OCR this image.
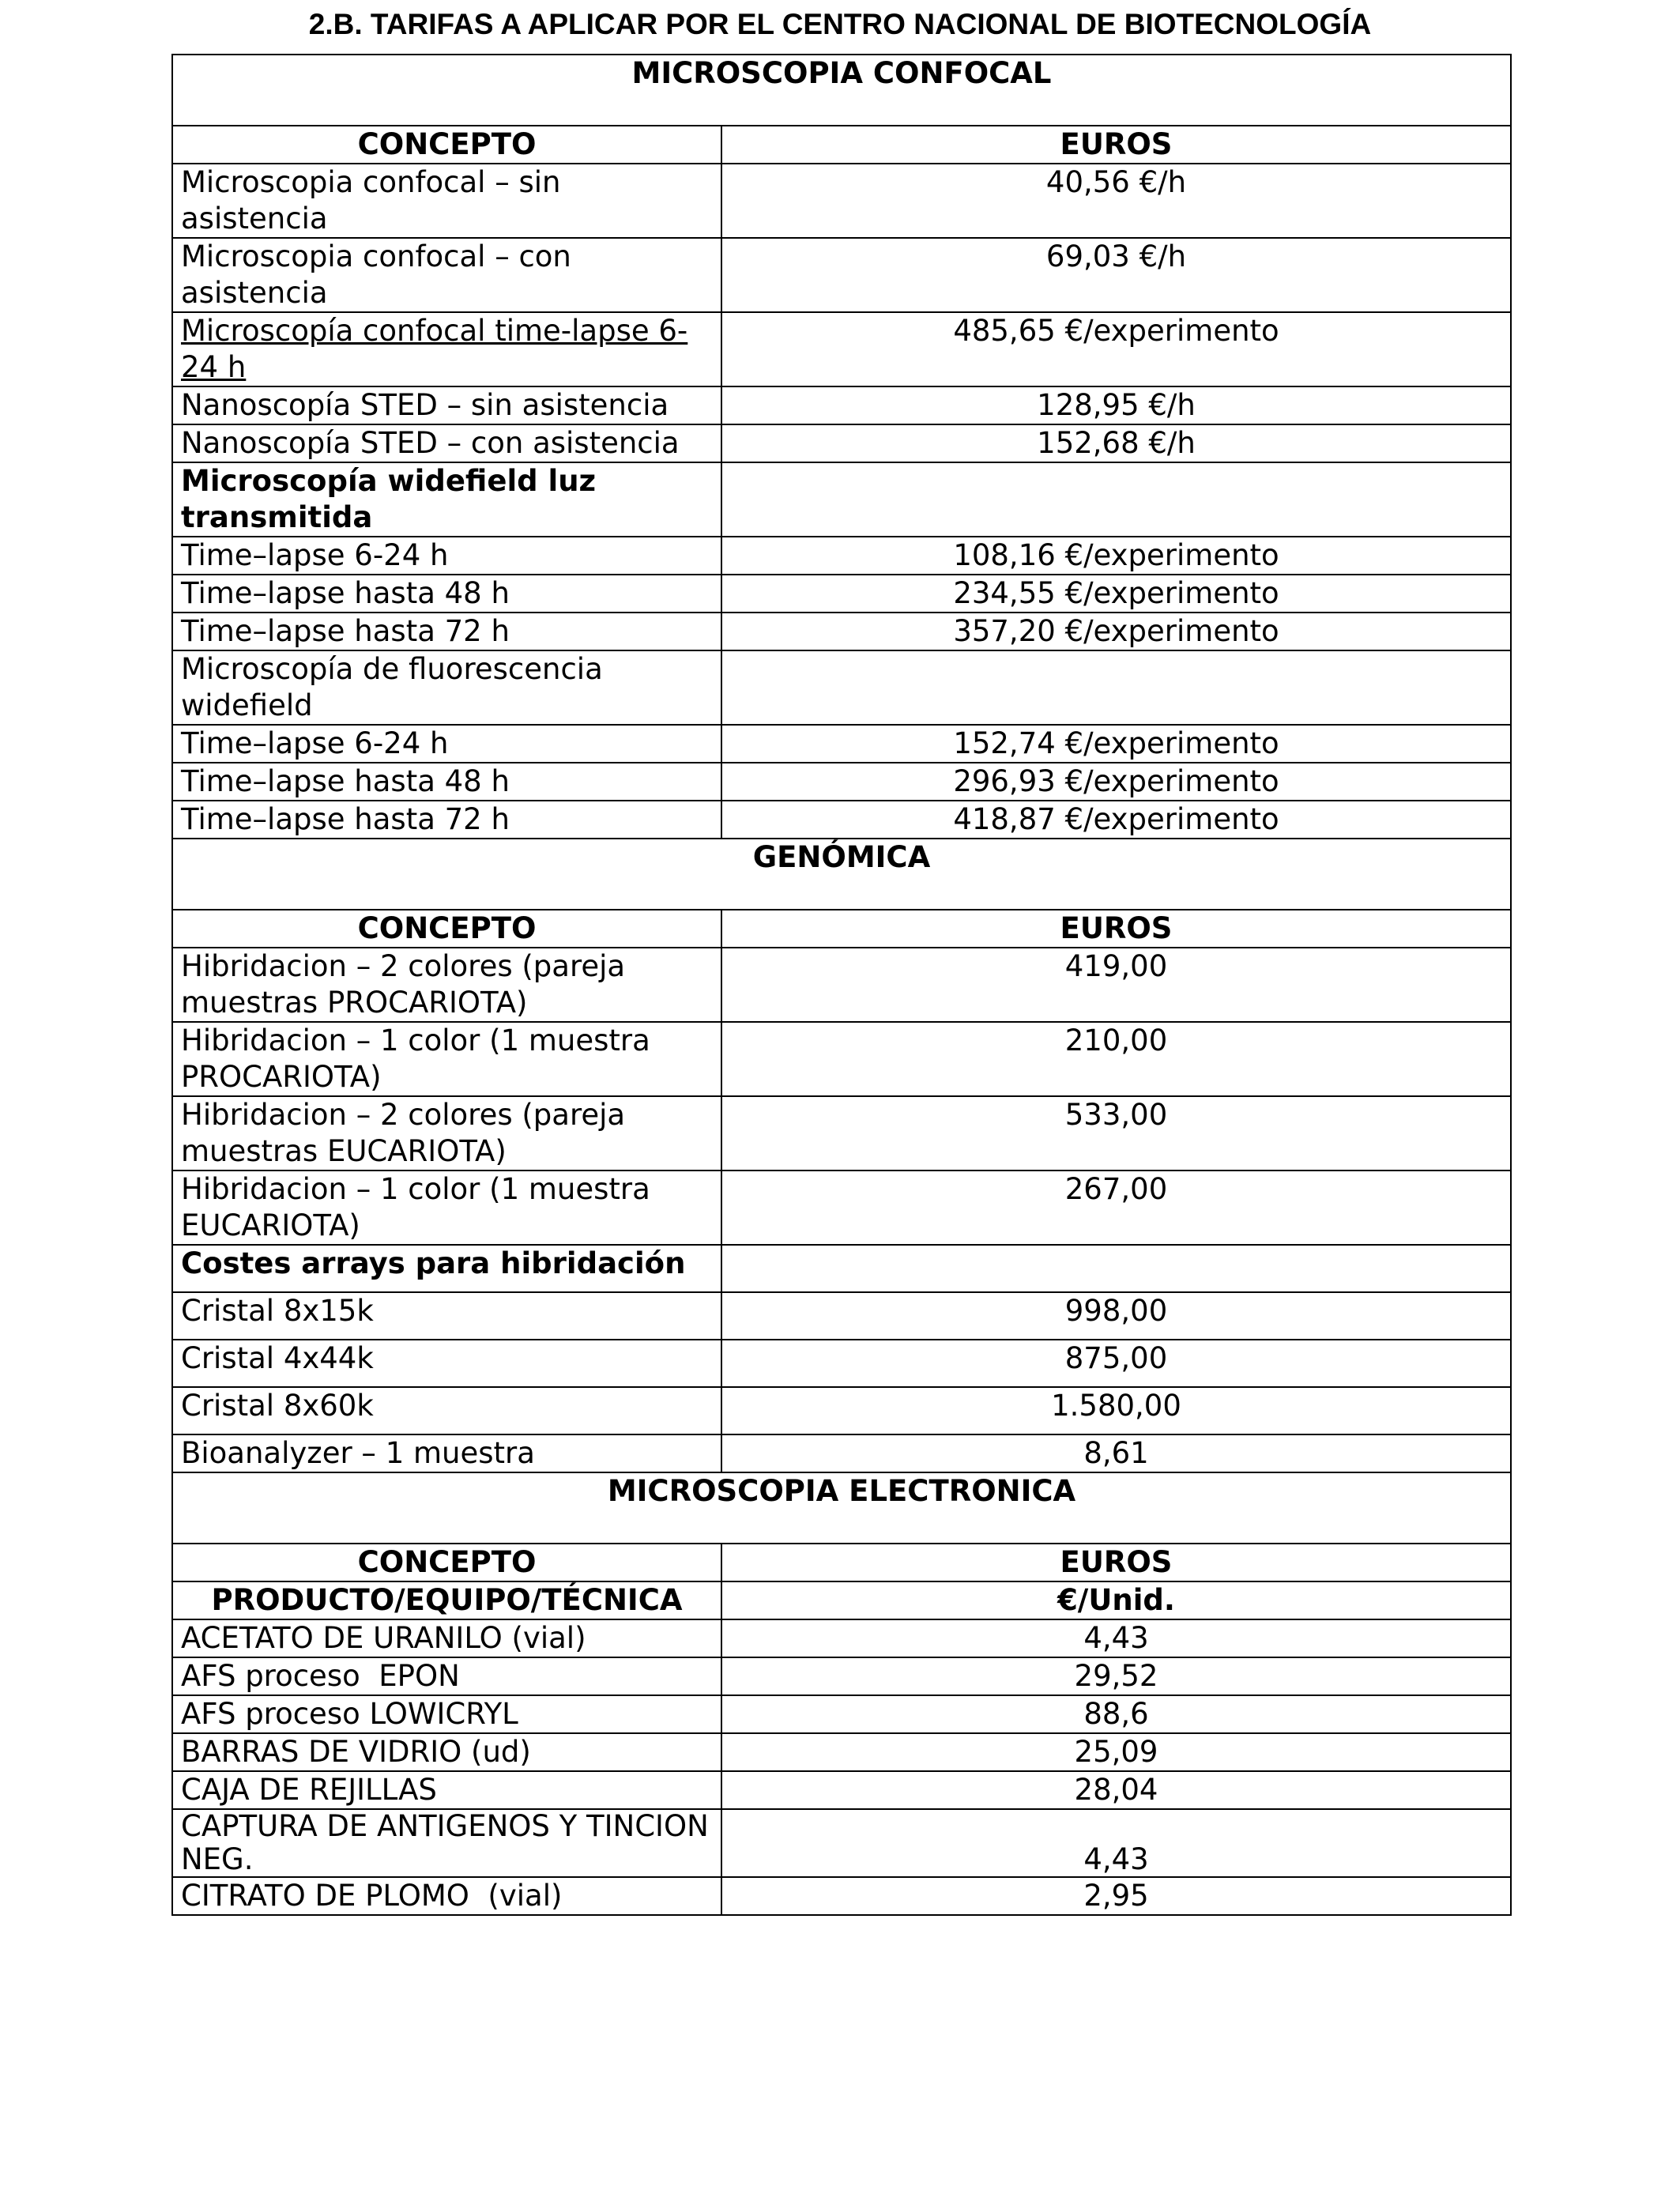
2.B. TARIFAS A APLICAR POR EL CENTRO NACIONAL DE BIOTECNOLOGÍA
MICROSCOPIA CONFOCAL	
CONCEPTO	EUROS
Microscopia confocal – sin asistencia	40,56 €/h
Microscopia confocal – con asistencia	69,03 €/h
Microscopía confocal time-lapse 6-24 h	485,65 €/experimento
Nanoscopía STED – sin asistencia	128,95 €/h
Nanoscopía STED – con asistencia	152,68 €/h
Microscopía widefield luz transmitida	
Time–lapse 6-24 h	108,16 €/experimento
Time–lapse hasta 48 h	234,55 €/experimento
Time–lapse hasta 72 h	357,20 €/experimento
Microscopía de fluorescencia widefield	
Time–lapse 6-24 h	152,74 €/experimento
Time–lapse hasta 48 h	296,93 €/experimento
Time–lapse hasta 72 h	418,87 €/experimento
GENÓMICA	
CONCEPTO	EUROS
Hibridacion – 2 colores (pareja muestras PROCARIOTA)	419,00
Hibridacion – 1 color (1 muestra PROCARIOTA)	210,00
Hibridacion – 2 colores (pareja muestras EUCARIOTA)	533,00
Hibridacion – 1 color (1 muestra EUCARIOTA)	267,00
Costes arrays para hibridación	
Cristal 8x15k	998,00
Cristal 4x44k	875,00
Cristal 8x60k	1.580,00
Bioanalyzer – 1 muestra	8,61
MICROSCOPIA ELECTRONICA	
CONCEPTO	EUROS
PRODUCTO/EQUIPO/TÉCNICA	€/Unid.
ACETATO DE URANILO (vial)	4,43
AFS proceso  EPON	29,52
AFS proceso LOWICRYL	88,6
BARRAS DE VIDRIO (ud)	25,09
CAJA DE REJILLAS	28,04
CAPTURA DE ANTIGENOS Y TINCION NEG.	4,43
CITRATO DE PLOMO  (vial)	2,95
